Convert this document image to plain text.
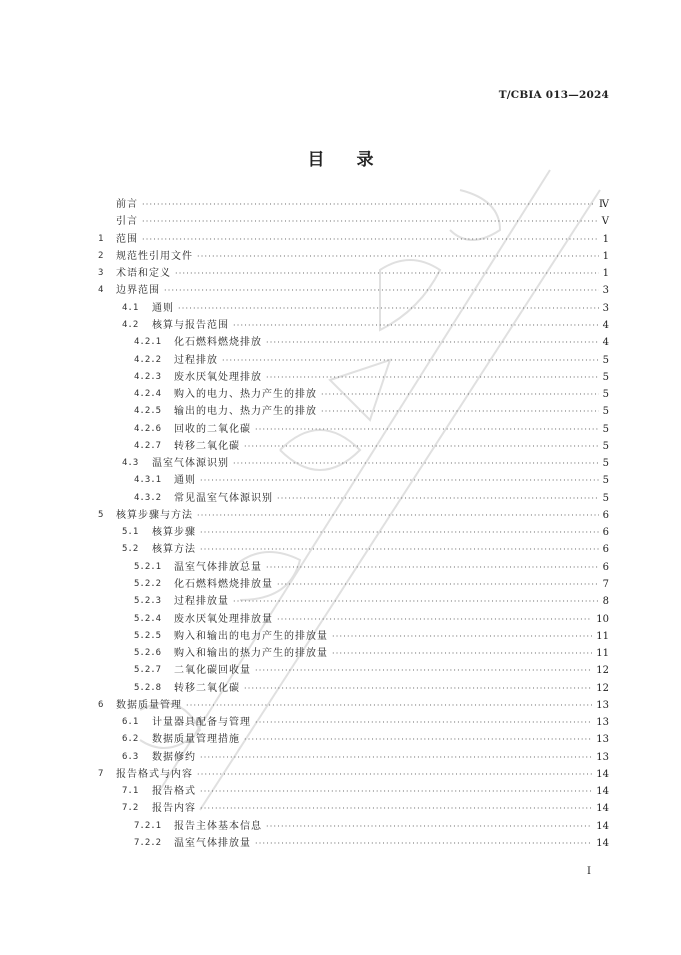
T/CBIA 013—2024
目录
前言 ·····	Ⅳ
引言 ·····	Ⅴ
1	范围 ·····	1
2	规范性引用文件 ·····	1
3	术语和定义 ·····	1
4	边界范围 ·····	3
4.1	通则 ·····	3
4.2	核算与报告范围 ·····	4
4.2.1	化石燃料燃烧排放 ·····	4
4.2.2	过程排放 ·····	5
4.2.3	废水厌氧处理排放 ·····	5
4.2.4	购入的电力、热力产生的排放 ·····	5
4.2.5	输出的电力、热力产生的排放 ·····	5
4.2.6	回收的二氧化碳 ·····	5
4.2.7	转移二氧化碳 ·····	5
4.3	温室气体源识别 ·····	5
4.3.1	通则 ·····	5
4.3.2	常见温室气体源识别 ·····	5
5	核算步骤与方法 ·····	6
5.1	核算步骤 ·····	6
5.2	核算方法 ·····	6
5.2.1	温室气体排放总量 ·····	6
5.2.2	化石燃料燃烧排放量 ·····	7
5.2.3	过程排放量 ·····	8
5.2.4	废水厌氧处理排放量 ·····	10
5.2.5	购入和输出的电力产生的排放量 ·····	11
5.2.6	购入和输出的热力产生的排放量 ·····	11
5.2.7	二氧化碳回收量 ·····	12
5.2.8	转移二氧化碳 ·····	12
6	数据质量管理 ·····	13
6.1	计量器具配备与管理 ·····	13
6.2	数据质量管理措施 ·····	13
6.3	数据修约 ·····	13
7	报告格式与内容 ·····	14
7.1	报告格式 ·····	14
7.2	报告内容 ·····	14
7.2.1	报告主体基本信息 ·····	14
7.2.2	温室气体排放量 ·····	14
I
